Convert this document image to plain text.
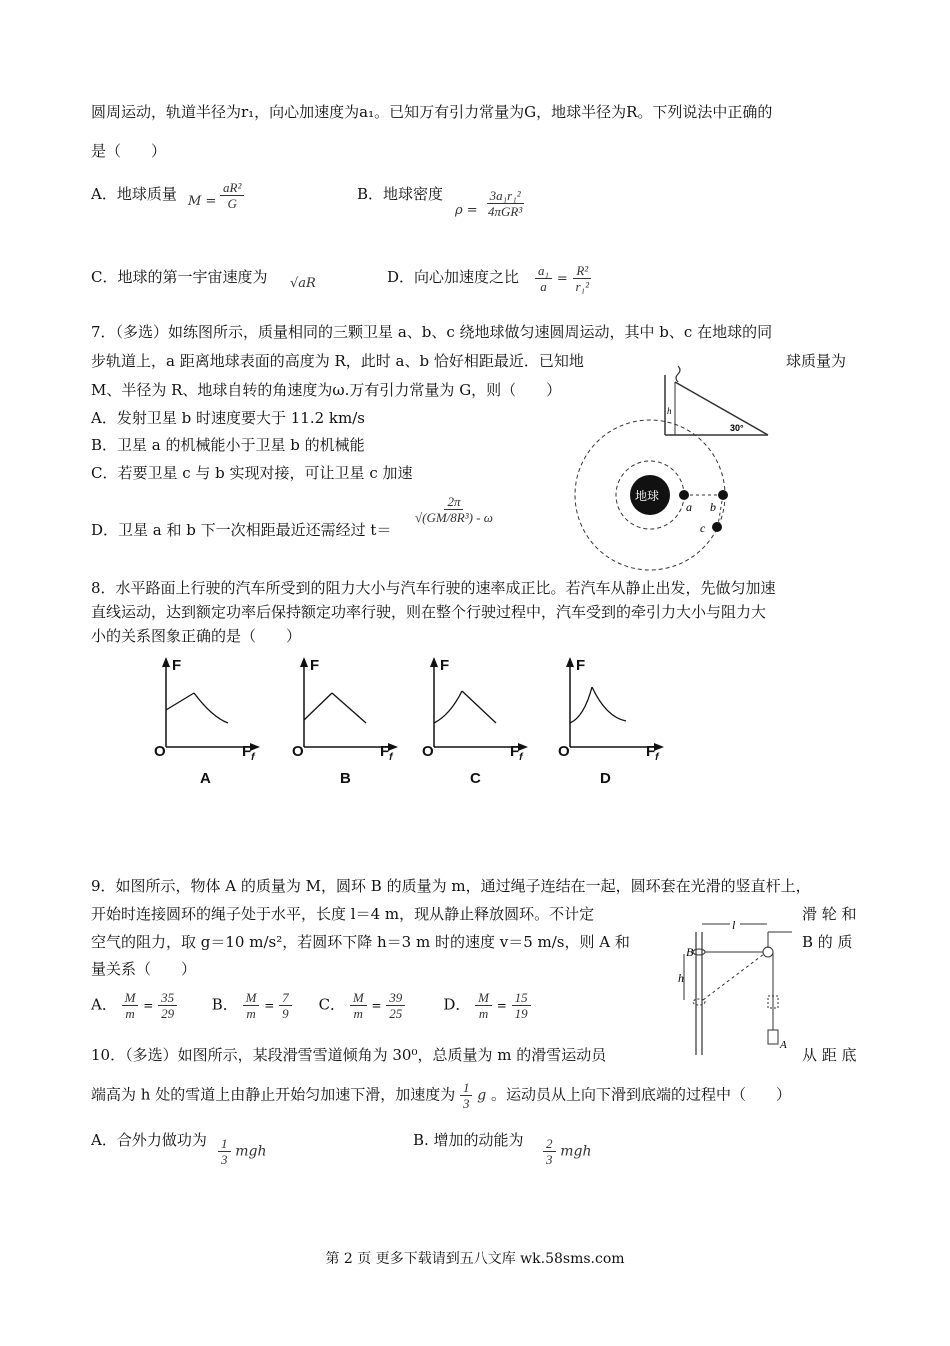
圆周运动，轨道半径为r₁，向心加速度为a₁。已知万有引力常量为G，地球半径为R。下列说法中正确的
是（　　）
A．地球质量 $M = \frac{\text{aR²}}{G}$	B．地球密度
$\rho = \frac{\text{3a₁r₁²}}{\text{4πGR³}}$
C．地球的第一宇宙速度为 √aR	D．向心加速度之比 $\frac{\text{a₁}}{a} = \frac{\text{R²}}{\text{r₁²}}$
7．（多选）如练图所示，质量相同的三颗卫星 a、b、c 绕地球做匀速圆周运动，其中 b、c 在地球的同
步轨道上，a 距离地球表面的高度为 R，此时 a、b 恰好相距最近．已知地	球质量为
M、半径为 R、地球自转的角速度为ω.万有引力常量为 G，则（　　）
A．发射卫星 b 时速度要大于 11.2 km/s
B．卫星 a 的机械能小于卫星 b 的机械能
C．若要卫星 c 与 b 实现对接，可让卫星 c 加速
D．卫星 a 和 b 下一次相距最近还需经过 t＝
$\frac{2\pi}{\text{√(GM/8R³) - ω}}$
h
30°
地球
a b
c
8．水平路面上行驶的汽车所受到的阻力大小与汽车行驶的速率成正比。若汽车从静止出发，先做匀加速
直线运动，达到额定功率后保持额定功率行驶，则在整个行驶过程中，汽车受到的牵引力大小与阻力大
小的关系图象正确的是（　　）
F
O	$F_f$
A
F
O	$F_f$
B
F
O	$F_f$
C
F
O	$F_f$
D
9．如图所示，物体 A 的质量为 M，圆环 B 的质量为 m，通过绳子连结在一起，圆环套在光滑的竖直杆上，
开始时连接圆环的绳子处于水平，长度 l＝4 m，现从静止释放圆环。不计定	滑 轮 和
空气的阻力，取 g＝10 m/s²，若圆环下降 h＝3 m 时的速度 v＝5 m/s，则 A 和	B 的 质
量关系（　　）
A． $\frac{M}{m} = \frac{35}{29}$ B． $\frac{M}{m} = \frac{7}{9}$ C． $\frac{M}{m} = \frac{39}{25}$	D． $\frac{M}{m} = \frac{15}{19}$
l
B
h
A
10．（多选）如图所示，某段滑雪雪道倾角为 30⁰，总质量为 m 的滑雪运动员	从 距 底
端高为 h 处的雪道上由静止开始匀加速下滑，加速度为 $\frac{1}{3}$ g 。运动员从上向下滑到底端的过程中（　　）
A．合外力做功为 $\frac{1}{3}$ mgh
B. 增加的动能为 $\frac{2}{3}$ mgh
第 2 页 更多下载请到五八文库 wk.58sms.com
